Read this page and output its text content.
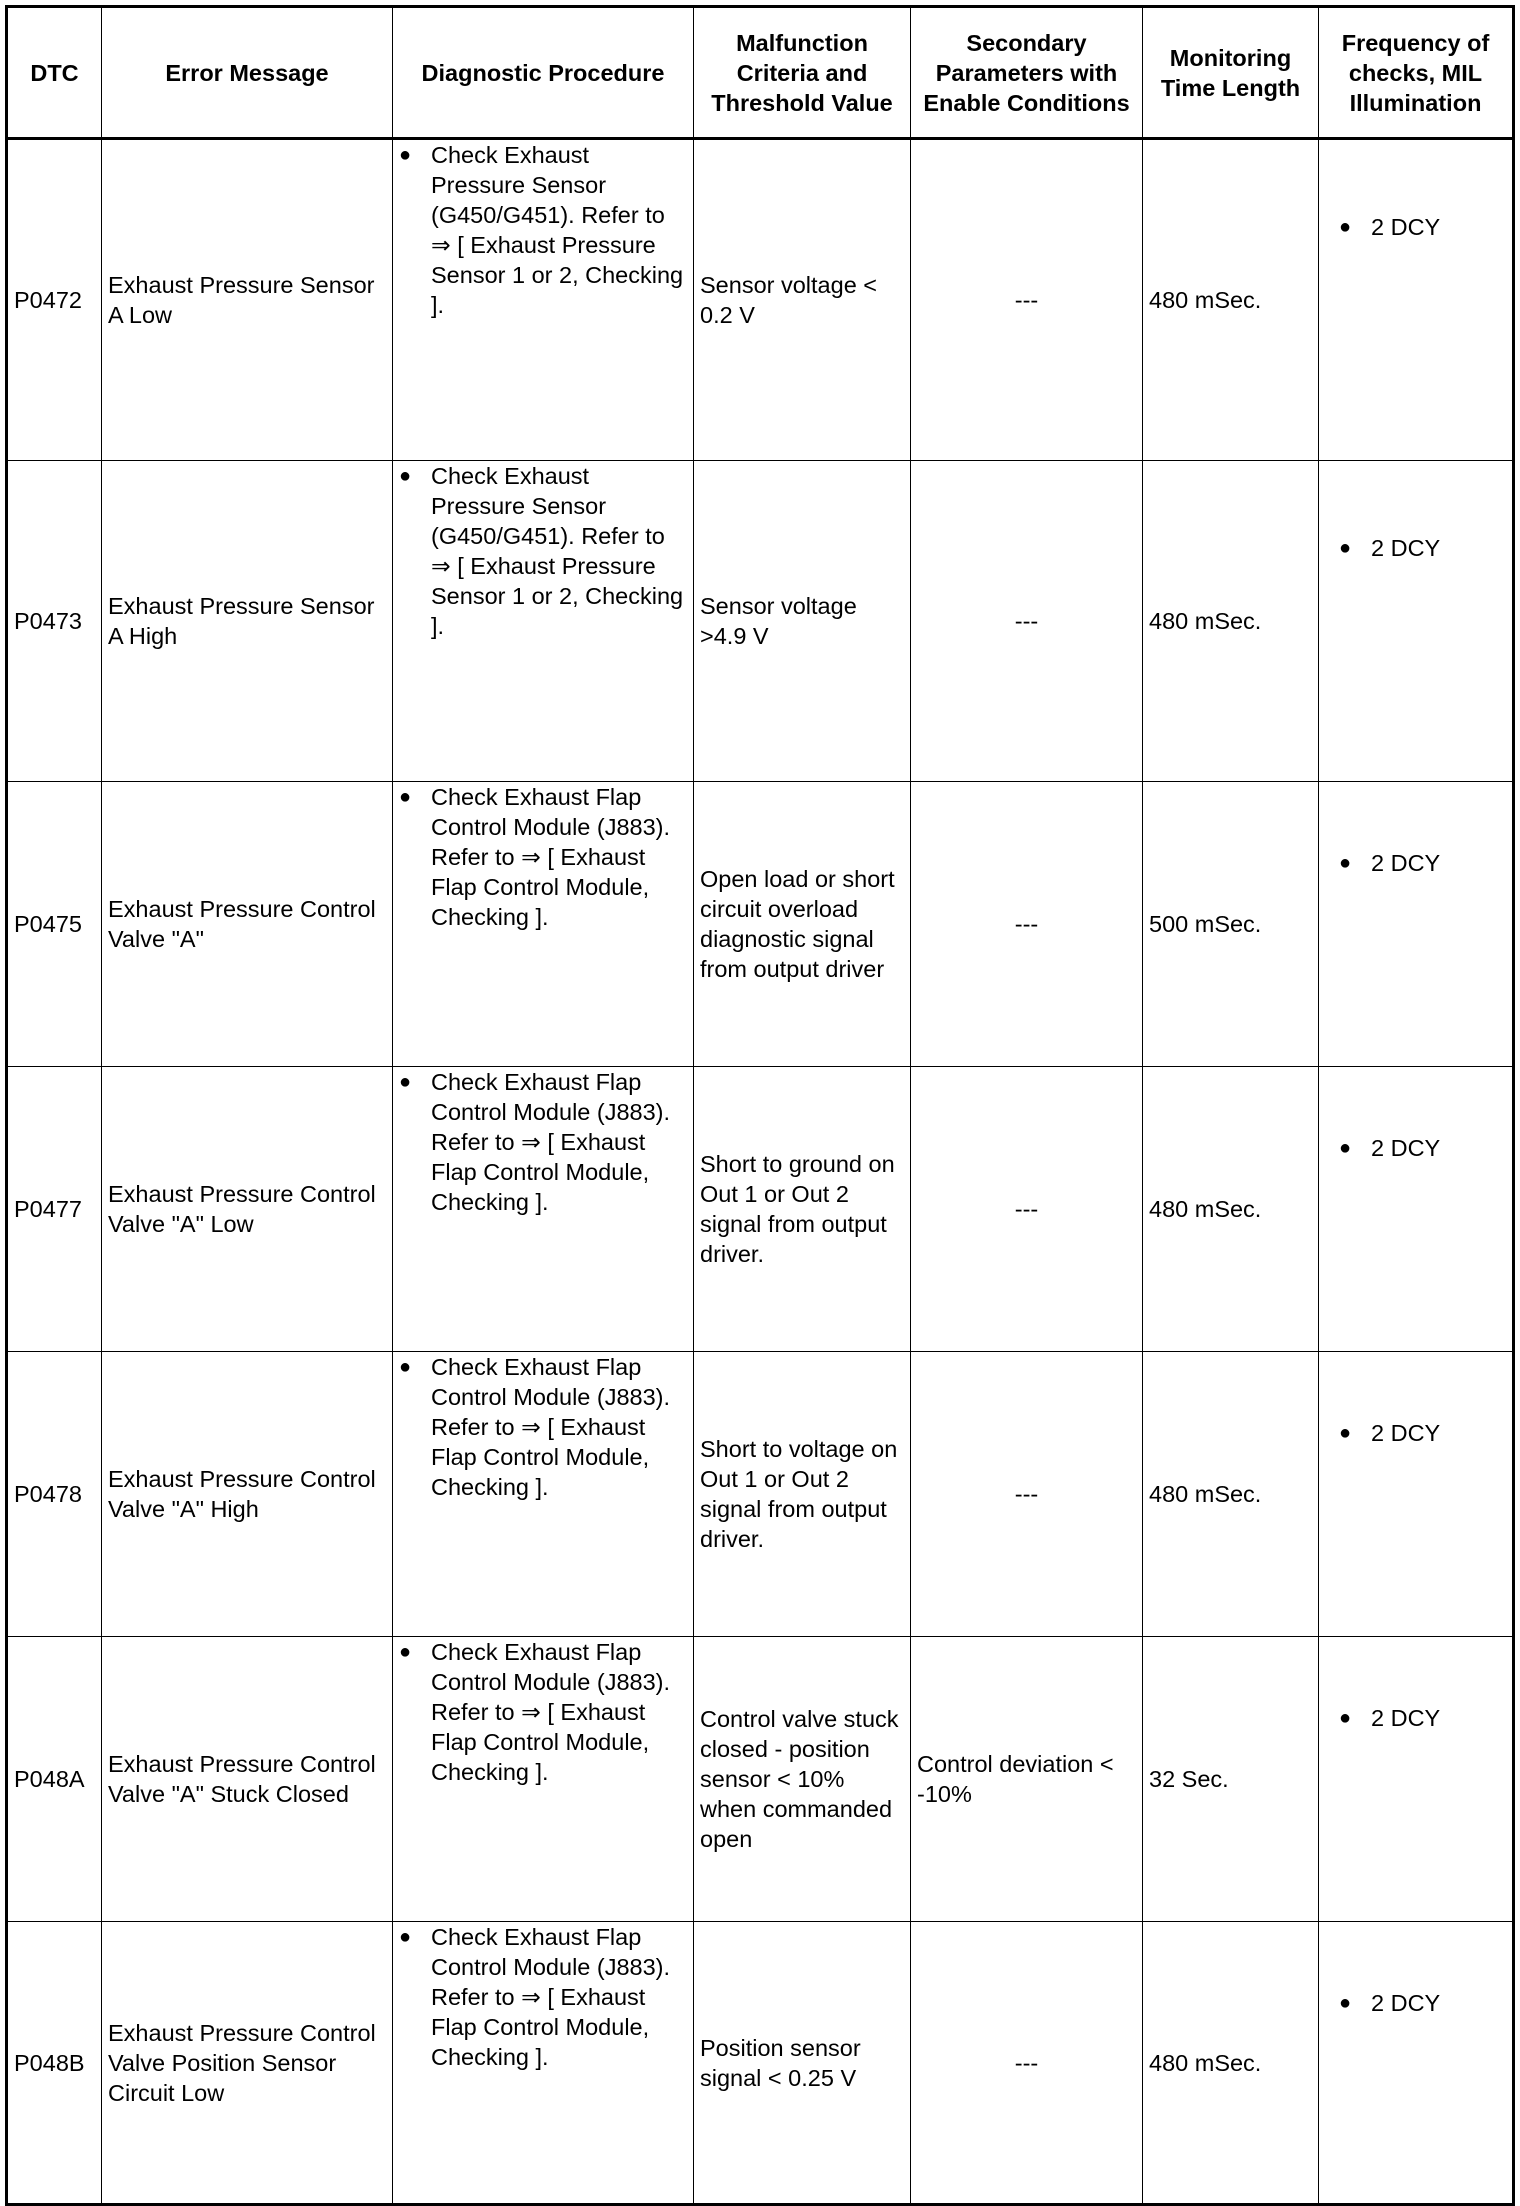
DTC	Error Message	Diagnostic Procedure	Malfunction Criteria and Threshold Value	Secondary Parameters with Enable Conditions	Monitoring Time Length	Frequency of checks, MIL Illumination
P0472	Exhaust Pressure Sensor A Low	● Check Exhaust Pressure Sensor (G450/G451). Refer to ⇒ [ Exhaust Pressure Sensor 1 or 2, Checking ].	Sensor voltage < 0.2 V	---	480 mSec.	● 2 DCY

P0473	Exhaust Pressure Sensor A High	● Check Exhaust Pressure Sensor (G450/G451). Refer to ⇒ [ Exhaust Pressure Sensor 1 or 2, Checking ].	Sensor voltage >4.9 V	---	480 mSec.	● 2 DCY

P0475	Exhaust Pressure Control Valve "A"	● Check Exhaust Flap Control Module (J883). Refer to ⇒ [ Exhaust Flap Control Module, Checking ].	Open load or short circuit overload diagnostic signal from output driver	---	500 mSec.	● 2 DCY

P0477	Exhaust Pressure Control Valve "A" Low	● Check Exhaust Flap Control Module (J883). Refer to ⇒ [ Exhaust Flap Control Module, Checking ].	Short to ground on Out 1 or Out 2 signal from output driver.	---	480 mSec.	● 2 DCY

P0478	Exhaust Pressure Control Valve "A" High	● Check Exhaust Flap Control Module (J883). Refer to ⇒ [ Exhaust Flap Control Module, Checking ].	Short to voltage on Out 1 or Out 2 signal from output driver.	---	480 mSec.	● 2 DCY

P048A	Exhaust Pressure Control Valve "A" Stuck Closed	● Check Exhaust Flap Control Module (J883). Refer to ⇒ [ Exhaust Flap Control Module, Checking ].	Control valve stuck closed - position sensor < 10% when commanded open	Control deviation < -10%	32 Sec.	● 2 DCY

P048B	Exhaust Pressure Control Valve Position Sensor Circuit Low	● Check Exhaust Flap Control Module (J883). Refer to ⇒ [ Exhaust Flap Control Module, Checking ].	Position sensor signal < 0.25 V	---	480 mSec.	● 2 DCY
